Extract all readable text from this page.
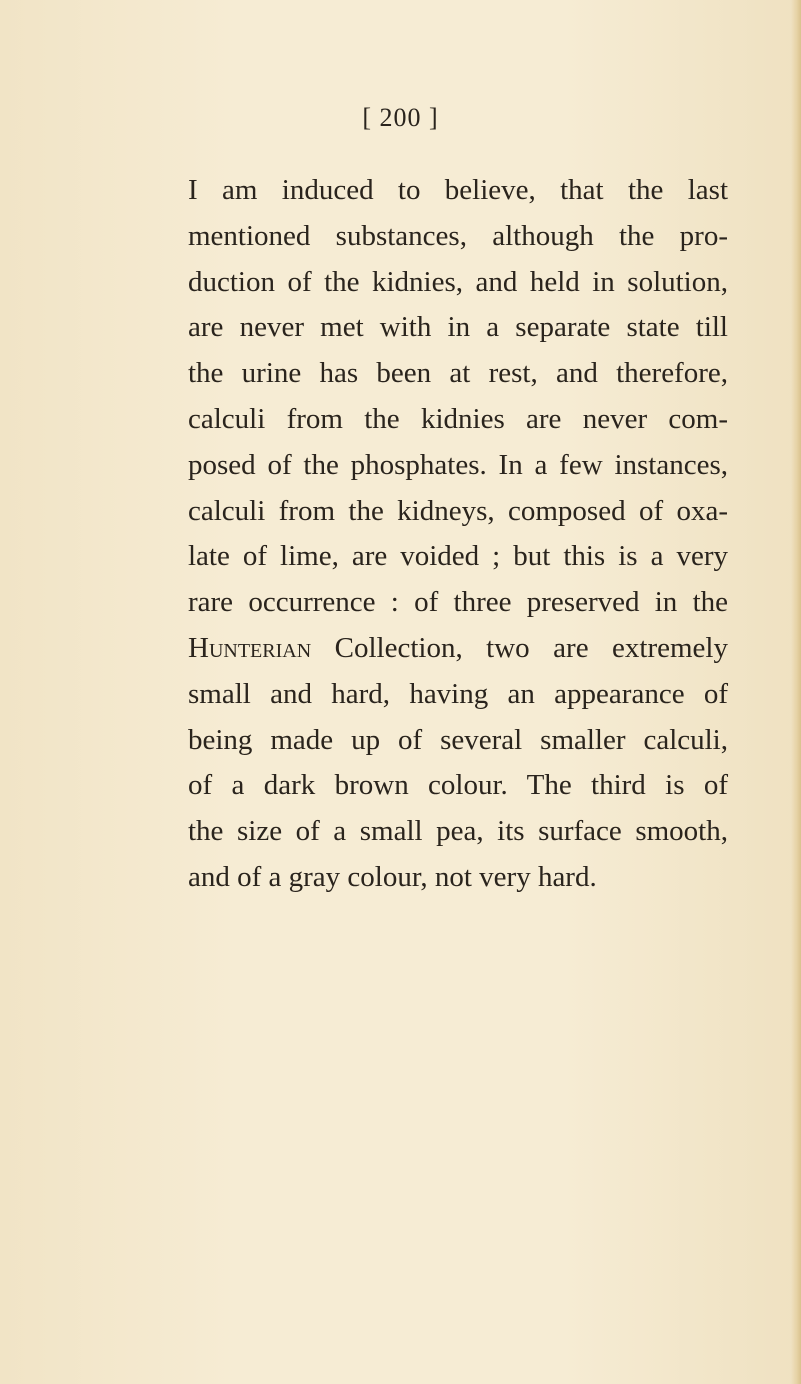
[ 200 ]
I am induced to believe, that the last
mentioned substances, although the pro-
duction of the kidnies, and held in solution,
are never met with in a separate state till
the urine has been at rest, and therefore,
calculi from the kidnies are never com-
posed of the phosphates. In a few instances,
calculi from the kidneys, composed of oxa-
late of lime, are voided ; but this is a very
rare occurrence : of three preserved in the
Hunterian Collection, two are extremely
small and hard, having an appearance of
being made up of several smaller calculi,
of a dark brown colour. The third is of
the size of a small pea, its surface smooth,
and of a gray colour, not very hard.
